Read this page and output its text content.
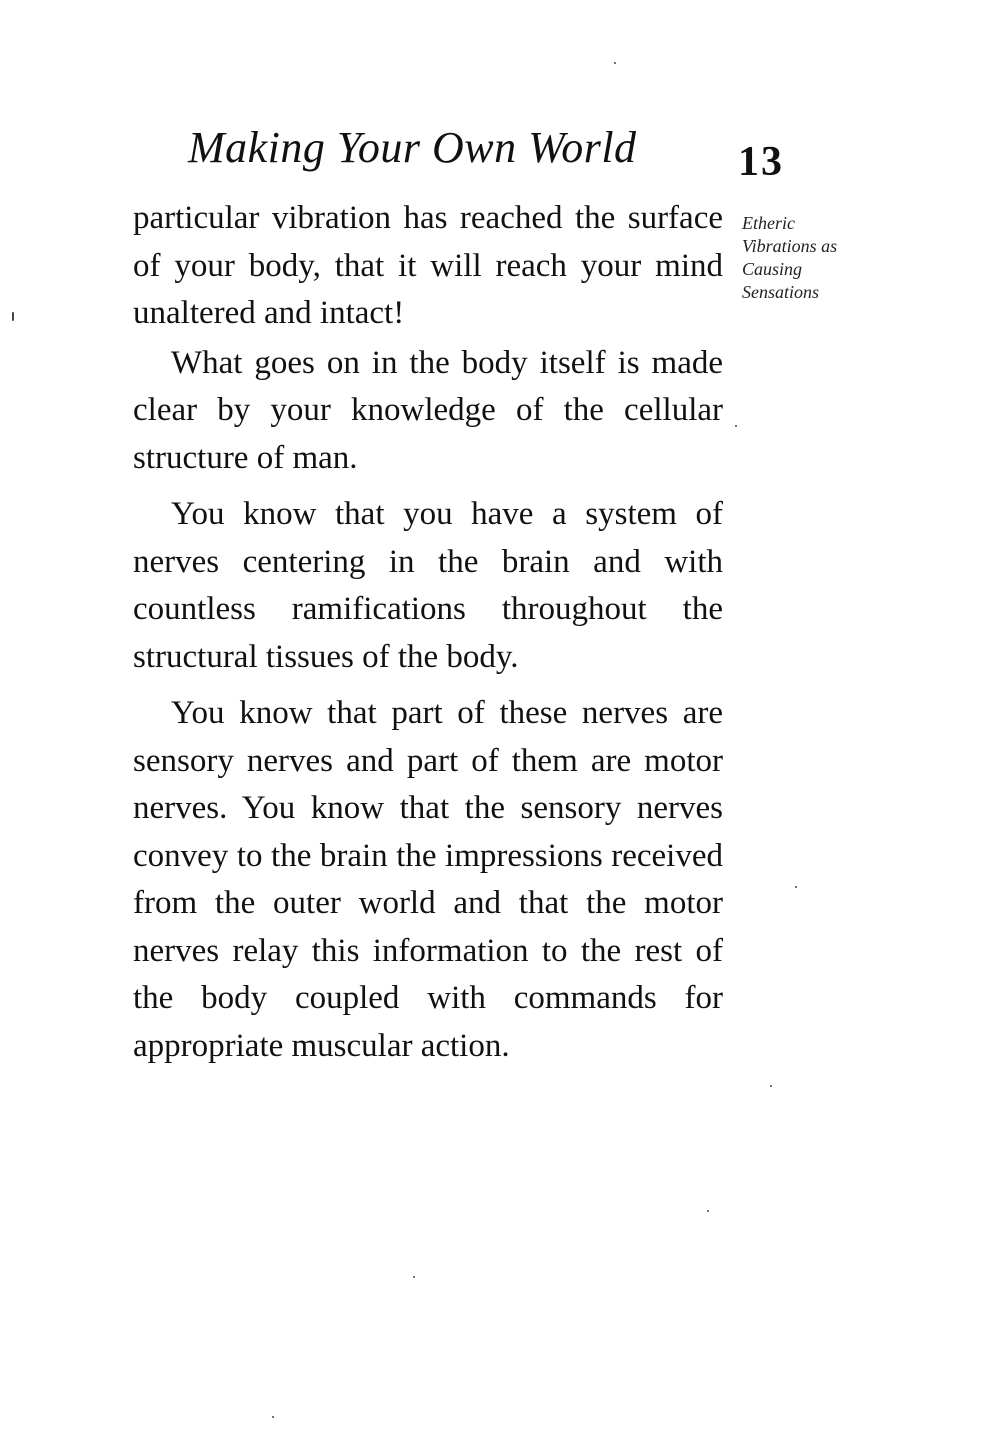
Making Your Own World 13

particular vibration has reached the surface of your body, that it will reach your mind unaltered and intact!

What goes on in the body itself is made clear by your knowledge of the cellular structure of man.

You know that you have a system of nerves centering in the brain and with countless ramifications throughout the structural tissues of the body.

You know that part of these nerves are sensory nerves and part of them are motor nerves. You know that the sensory nerves convey to the brain the impressions received from the outer world and that the motor nerves relay this information to the rest of the body coupled with commands for appropriate muscular action.

Etheric
Vibrations as
Causing
Sensations
